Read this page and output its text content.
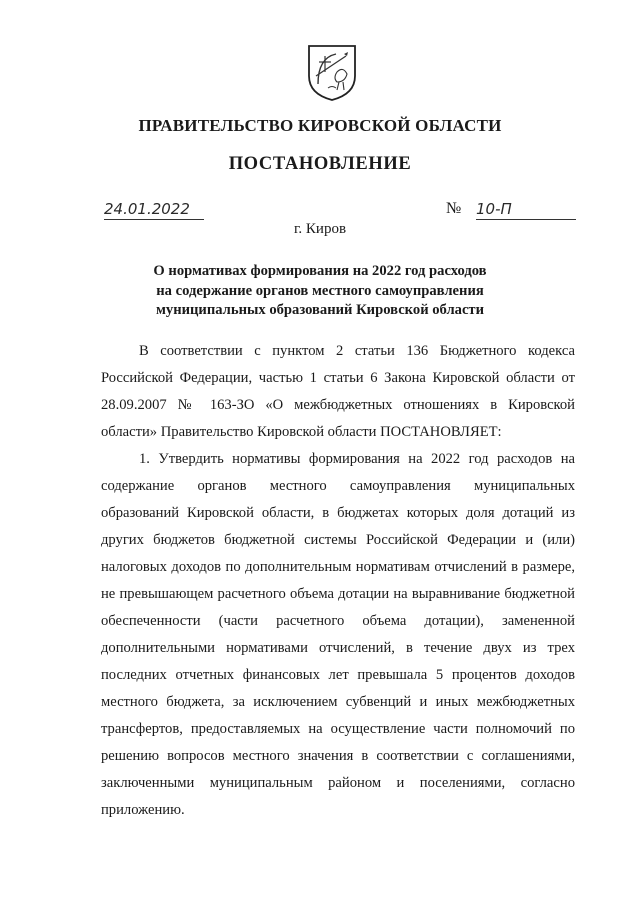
ПРАВИТЕЛЬСТВО КИРОВСКОЙ ОБЛАСТИ
ПОСТАНОВЛЕНИЕ
24.01.2022	№ 10-П
г. Киров
О нормативах формирования на 2022 год расходов
на содержание органов местного самоуправления
муниципальных образований Кировской области

В соответствии с пунктом 2 статьи 136 Бюджетного кодекса Российской Федерации, частью 1 статьи 6 Закона Кировской области от 28.09.2007 № 163-ЗО «О межбюджетных отношениях в Кировской области» Правительство Кировской области ПОСТАНОВЛЯЕТ:

1. Утвердить нормативы формирования на 2022 год расходов на содержание органов местного самоуправления муниципальных образований Кировской области, в бюджетах которых доля дотаций из других бюджетов бюджетной системы Российской Федерации и (или) налоговых доходов по дополнительным нормативам отчислений в размере, не превышающем расчетного объема дотации на выравнивание бюджетной обеспеченности (части расчетного объема дотации), замененной дополнительными нормативами отчислений, в течение двух из трех последних отчетных финансовых лет превышала 5 процентов доходов местного бюджета, за исключением субвенций и иных межбюджетных трансфертов, предоставляемых на осуществление части полномочий по решению вопросов местного значения в соответствии с соглашениями, заключенными муниципальным районом и поселениями, согласно приложению.
